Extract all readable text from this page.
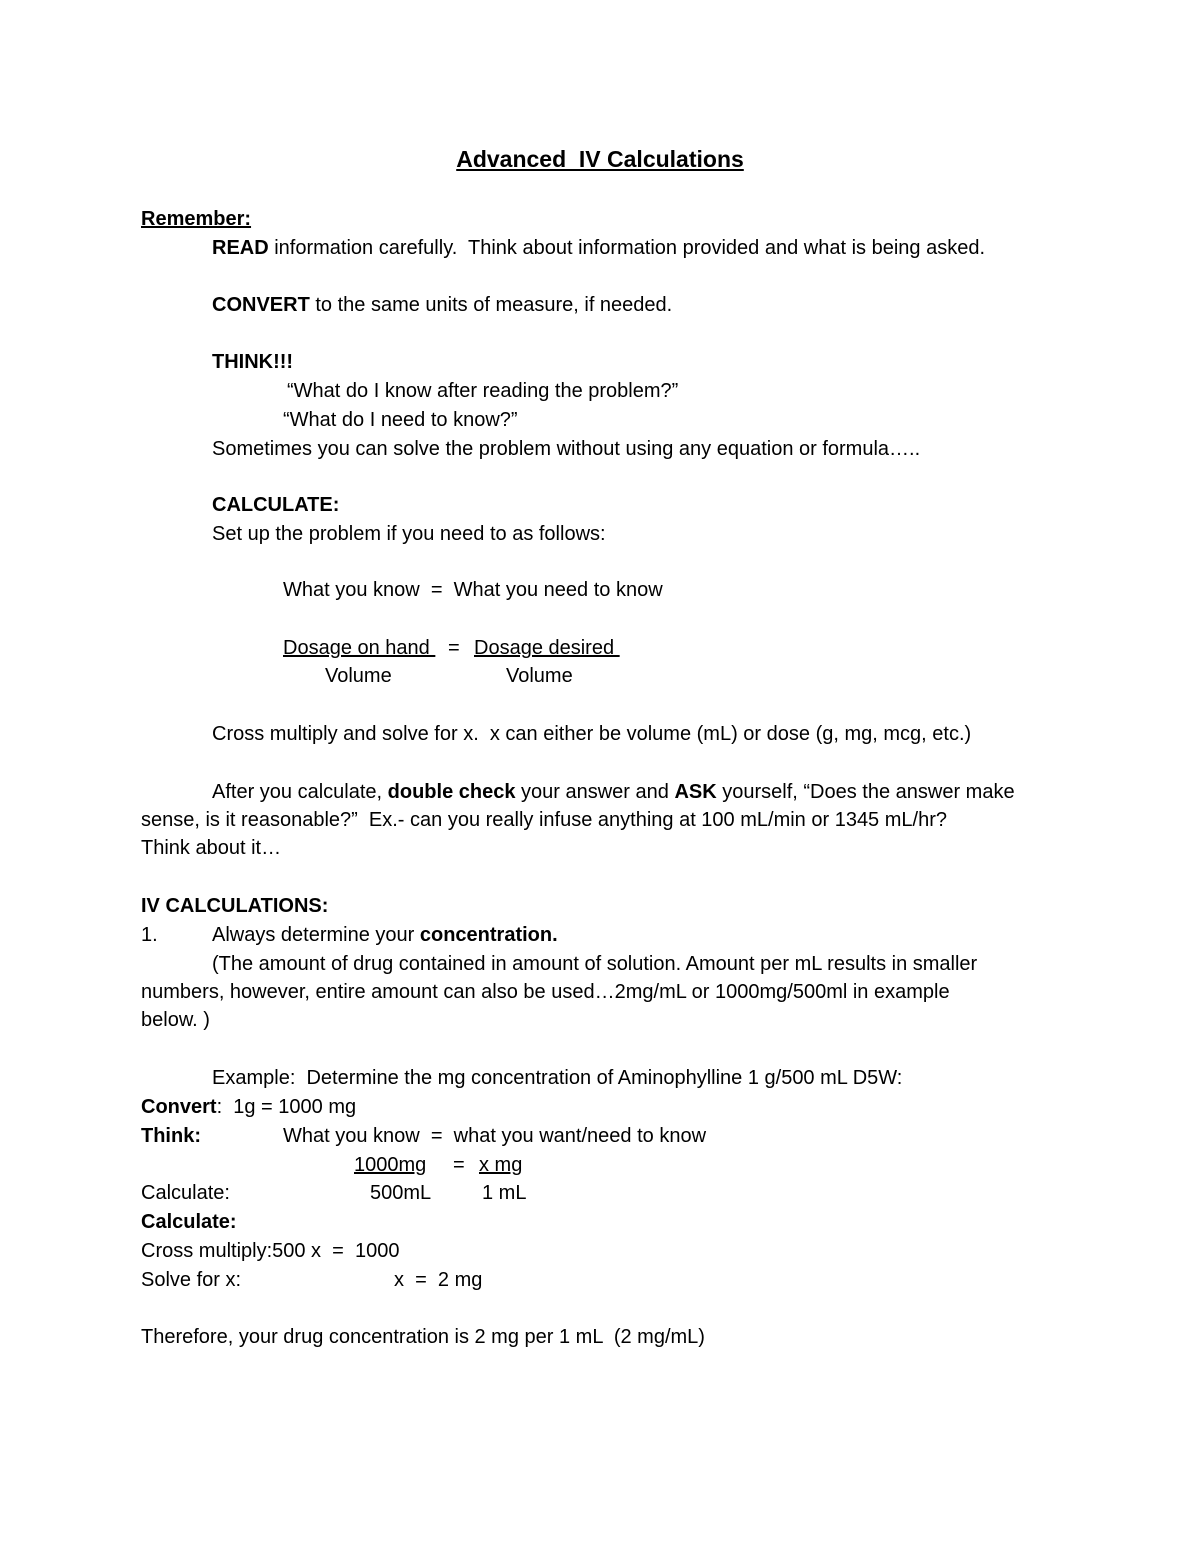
Advanced  IV Calculations
Remember:
READ information carefully.  Think about information provided and what is being asked.
CONVERT to the same units of measure, if needed.
THINK!!!
“What do I know after reading the problem?”
“What do I need to know?”
Sometimes you can solve the problem without using any equation or formula…..
CALCULATE:
Set up the problem if you need to as follows:
What you know  =  What you need to know
Dosage on hand = Dosage desired
Volume	Volume
Cross multiply and solve for x.  x can either be volume (mL) or dose (g, mg, mcg, etc.)
After you calculate, double check your answer and ASK yourself, “Does the answer make
sense, is it reasonable?”  Ex.- can you really infuse anything at 100 mL/min or 1345 mL/hr?
Think about it…
IV CALCULATIONS:
1.	Always determine your concentration.
(The amount of drug contained in amount of solution. Amount per mL results in smaller
numbers, however, entire amount can also be used…2mg/mL or 1000mg/500ml in example
below. )
Example:  Determine the mg concentration of Aminophylline 1 g/500 mL D5W:
Convert:  1g = 1000 mg
Think:	What you know  =  what you want/need to know
1000mg = x mg
Calculate:	500mL	1 mL
Calculate:
Cross multiply:500 x  =  1000
Solve for x:	x  =  2 mg
Therefore, your drug concentration is 2 mg per 1 mL  (2 mg/mL)
